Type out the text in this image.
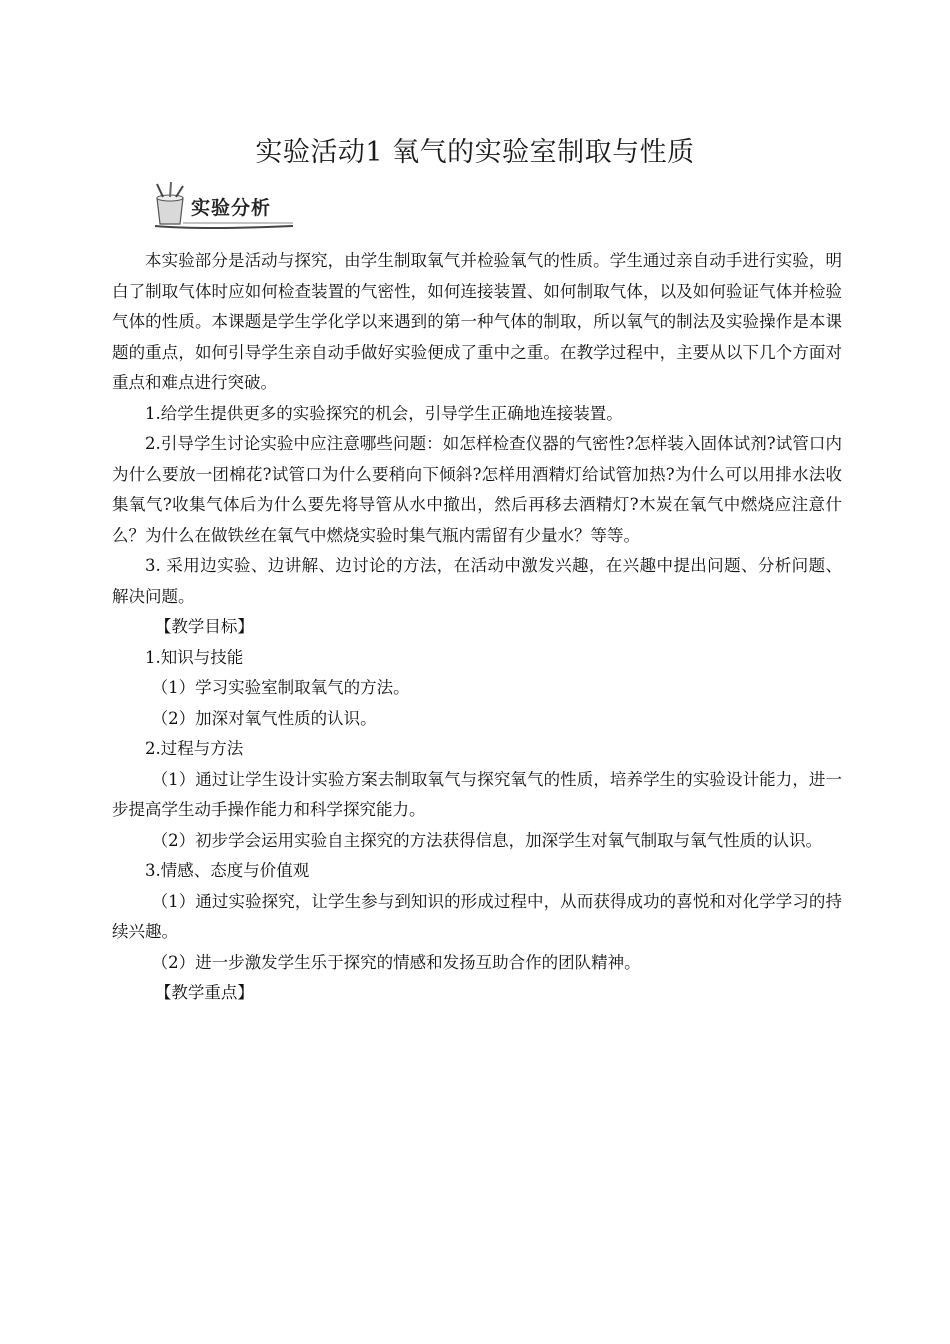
实验活动1 氧气的实验室制取与性质
实验分析

本实验部分是活动与探究，由学生制取氧气并检验氧气的性质。学生通过亲自动手进行实验，明白了制取气体时应如何检查装置的气密性，如何连接装置、如何制取气体，以及如何验证气体并检验气体的性质。本课题是学生学化学以来遇到的第一种气体的制取，所以氧气的制法及实验操作是本课题的重点，如何引导学生亲自动手做好实验便成了重中之重。在教学过程中，主要从以下几个方面对重点和难点进行突破。

1.给学生提供更多的实验探究的机会，引导学生正确地连接装置。

2.引导学生讨论实验中应注意哪些问题：如怎样检查仪器的气密性?怎样装入固体试剂?试管口内为什么要放一团棉花?试管口为什么要稍向下倾斜?怎样用酒精灯给试管加热?为什么可以用排水法收集氧气?收集气体后为什么要先将导管从水中撤出，然后再移去酒精灯?木炭在氧气中燃烧应注意什么？为什么在做铁丝在氧气中燃烧实验时集气瓶内需留有少量水？等等。

3. 采用边实验、边讲解、边讨论的方法，在活动中激发兴趣，在兴趣中提出问题、分析问题、解决问题。

【教学目标】

1.知识与技能

（1）学习实验室制取氧气的方法。

（2）加深对氧气性质的认识。

2.过程与方法

（1）通过让学生设计实验方案去制取氧气与探究氧气的性质，培养学生的实验设计能力，进一步提高学生动手操作能力和科学探究能力。

（2）初步学会运用实验自主探究的方法获得信息，加深学生对氧气制取与氧气性质的认识。

3.情感、态度与价值观

（1）通过实验探究，让学生参与到知识的形成过程中，从而获得成功的喜悦和对化学学习的持续兴趣。

（2）进一步激发学生乐于探究的情感和发扬互助合作的团队精神。

【教学重点】
